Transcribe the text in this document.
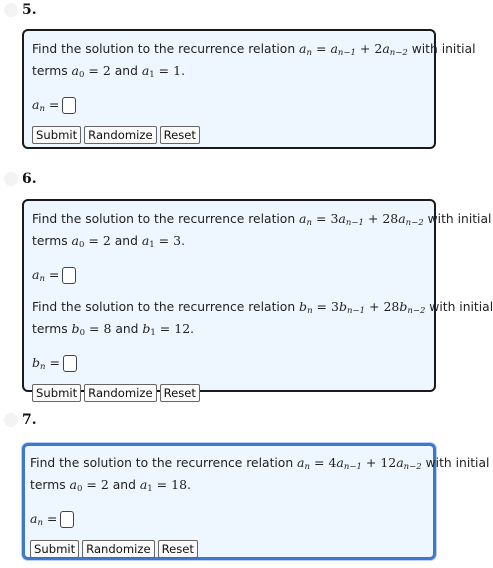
5.

Find the solution to the recurrence relation $a_n = a_{n-1} + 2a_{n-2}$ with initial
terms $a_0 = 2$ and $a_1 = 1$.

$a_n$ =
Submit Randomize Reset
6.

Find the solution to the recurrence relation $a_n = 3a_{n-1} + 28a_{n-2}$ with initial
terms $a_0 = 2$ and $a_1 = 3$.

$a_n$ =

Find the solution to the recurrence relation $b_n = 3b_{n-1} + 28b_{n-2}$ with initial
terms $b_0 = 8$ and $b_1 = 12$.

$b_n$ =
Submit Randomize Reset
7.

Find the solution to the recurrence relation $a_n = 4a_{n-1} + 12a_{n-2}$ with initial
terms $a_0 = 2$ and $a_1 = 18$.

$a_n$ =
Submit Randomize Reset
